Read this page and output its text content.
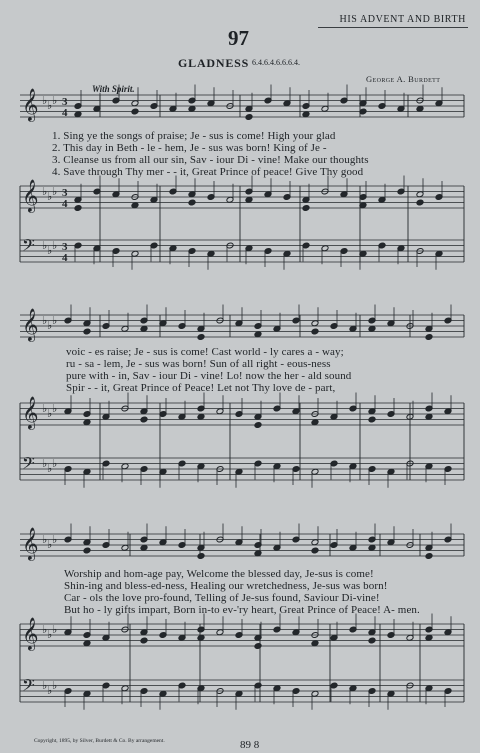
HIS ADVENT AND BIRTH
97
GLADNESS 6.4.6.4.6.6.6.4.
George A. Burdett
With Spirit.
𝄞
𝄞
𝄢
♭ ♭ ♭
♭ ♭ ♭
♭ ♭ ♭
𝄞
𝄞
𝄢
♭ ♭ ♭
♭ ♭ ♭
♭ ♭ ♭
𝄞
𝄞
𝄢
♭ ♭ ♭
♭ ♭ ♭
♭ ♭ ♭
3
4
3
4
3
4
1. Sing ye the songs of praise; Je - sus is come! High your glad
2. This day in Beth - le - hem, Je - sus was born! King of Je -
3. Cleanse us from all our sin, Sav - iour Di - vine! Make our thoughts
4. Save through Thy mer - - it, Great Prince of peace! Give Thy good
voic - es raise; Je - sus is come! Cast world - ly cares a - way;
ru - sa - lem, Je - sus was born! Sun of all right - eous-ness
pure with - in, Sav - iour Di - vine! Lo! now the her - ald sound
Spir - - it, Great Prince of Peace! Let not Thy love de - part,
Worship and hom-age pay, Welcome the blessed day, Je-sus is come!
Shin-ing and bless-ed-ness, Healing our wretchedness, Je-sus was born!
Car - ols the love pro-found, Telling of Je-sus found, Saviour Di-vine!
But ho - ly gifts impart, Born in-to ev-'ry heart, Great Prince of Peace! A- men.
Copyright, 1895, by Silver, Burdett & Co. By arrangement.	89 8
